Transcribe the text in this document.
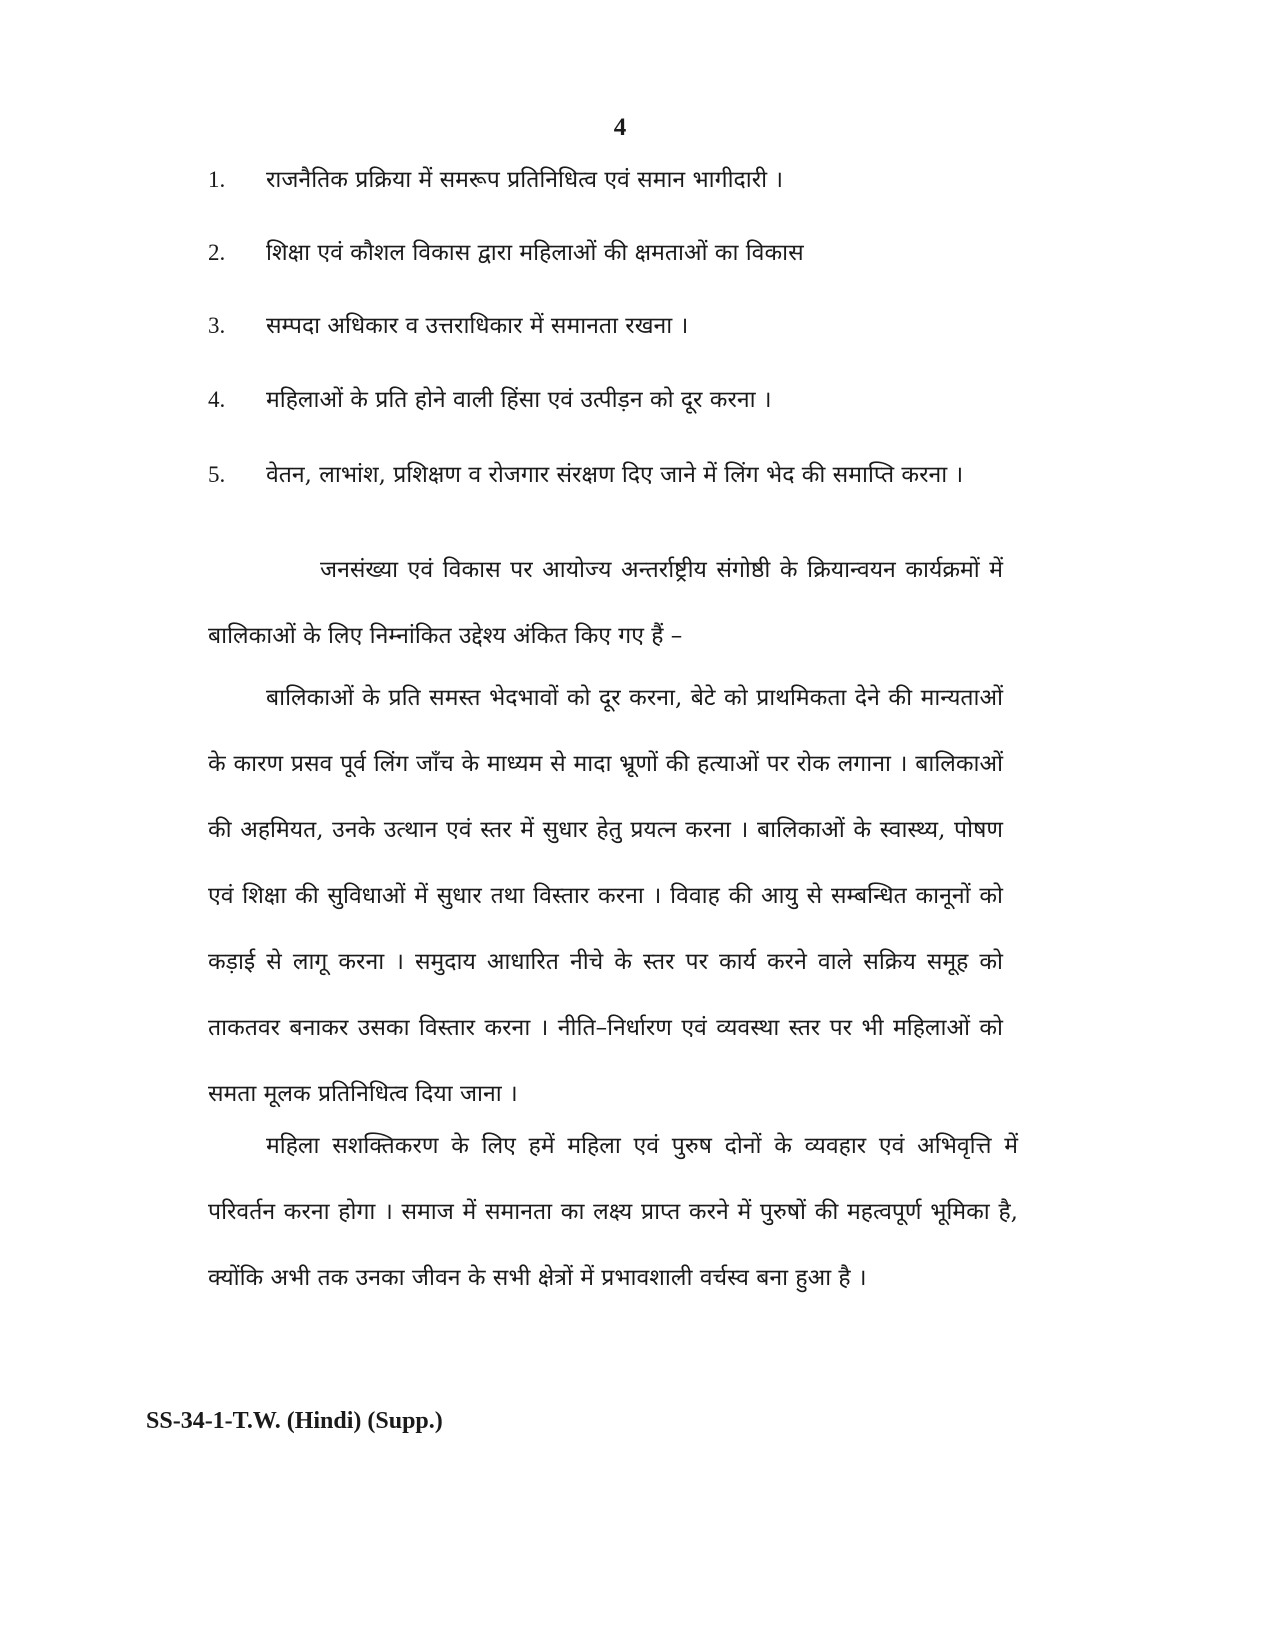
4
1. राजनैतिक प्रक्रिया में समरूप प्रतिनिधित्व एवं समान भागीदारी ।
2. शिक्षा एवं कौशल विकास द्वारा महिलाओं की क्षमताओं का विकास
3. सम्पदा अधिकार व उत्तराधिकार में समानता रखना ।
4. महिलाओं के प्रति होने वाली हिंसा एवं उत्पीड़न को दूर करना ।
5. वेतन, लाभांश, प्रशिक्षण व रोजगार संरक्षण दिए जाने में लिंग भेद की समाप्ति करना ।

जनसंख्या एवं विकास पर आयोज्य अन्तर्राष्ट्रीय संगोष्ठी के क्रियान्वयन कार्यक्रमों में बालिकाओं के लिए निम्नांकित उद्देश्य अंकित किए गए हैं –

बालिकाओं के प्रति समस्त भेदभावों को दूर करना, बेटे को प्राथमिकता देने की मान्यताओं के कारण प्रसव पूर्व लिंग जाँच के माध्यम से मादा भ्रूणों की हत्याओं पर रोक लगाना । बालिकाओं की अहमियत, उनके उत्थान एवं स्तर में सुधार हेतु प्रयत्न करना । बालिकाओं के स्वास्थ्य, पोषण एवं शिक्षा की सुविधाओं में सुधार तथा विस्तार करना । विवाह की आयु से सम्बन्धित कानूनों को कड़ाई से लागू करना । समुदाय आधारित नीचे के स्तर पर कार्य करने वाले सक्रिय समूह को ताकतवर बनाकर उसका विस्तार करना । नीति–निर्धारण एवं व्यवस्था स्तर पर भी महिलाओं को समता मूलक प्रतिनिधित्व दिया जाना ।

महिला सशक्तिकरण के लिए हमें महिला एवं पुरुष दोनों के व्यवहार एवं अभिवृत्ति में परिवर्तन करना होगा । समाज में समानता का लक्ष्य प्राप्त करने में पुरुषों की महत्वपूर्ण भूमिका है, क्योंकि अभी तक उनका जीवन के सभी क्षेत्रों में प्रभावशाली वर्चस्व बना हुआ है ।

SS-34-1-T.W. (Hindi) (Supp.)
